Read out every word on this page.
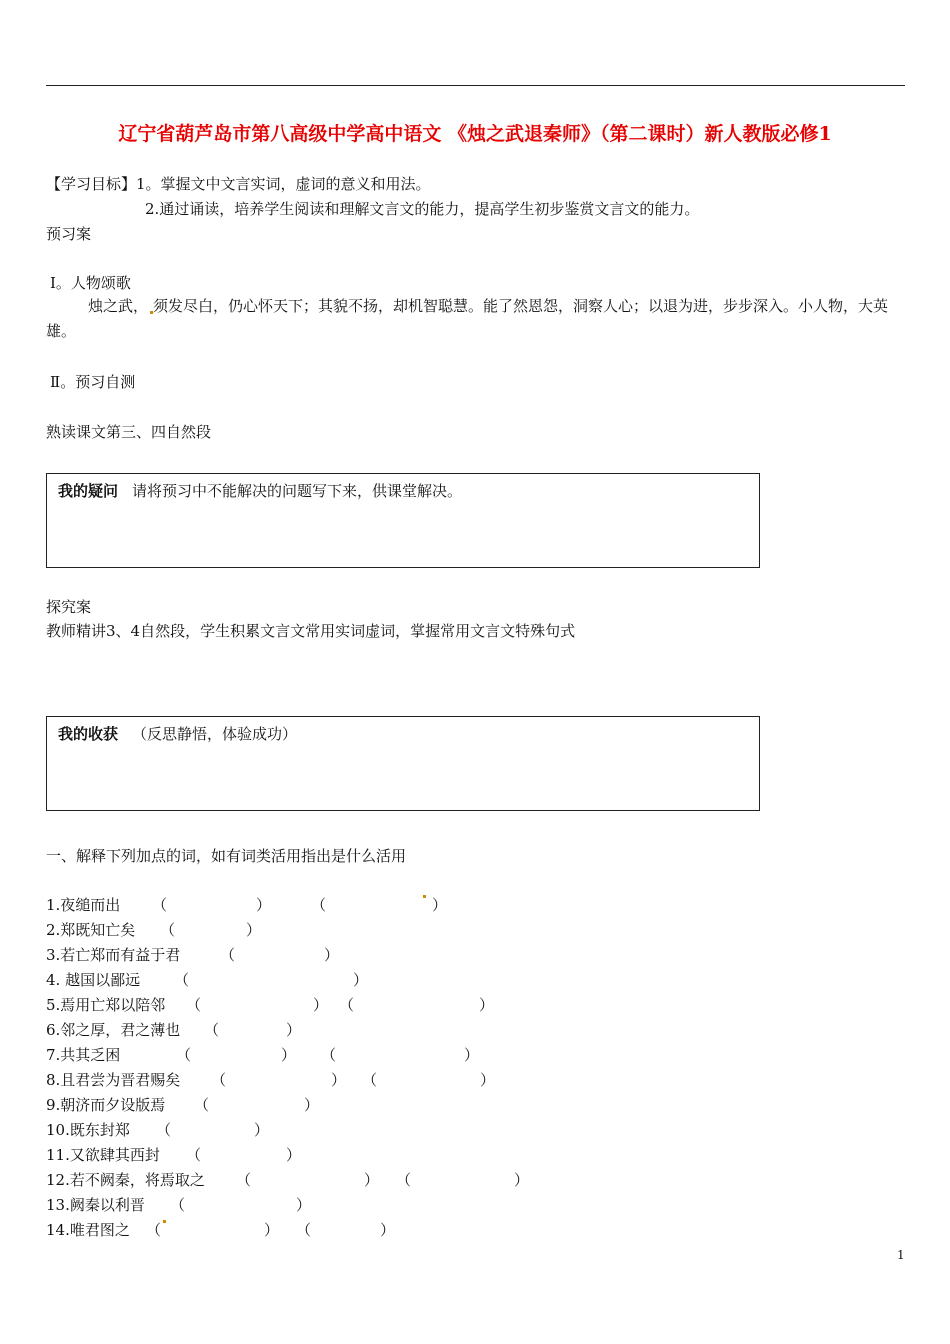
辽宁省葫芦岛市第八高级中学高中语文 《烛之武退秦师》（第二课时）新人教版必修1
【学习目标】1。掌握文中文言实词，虚词的意义和用法。
2.通过诵读，培养学生阅读和理解文言文的能力，提高学生初步鉴赏文言文的能力。
预习案
Ⅰ。人物颂歌
烛之武， 须发尽白，仍心怀天下；其貌不扬，却机智聪慧。能了然恩怨，洞察人心；以退为进，步步深入。小人物，大英雄。
Ⅱ。预习自测
熟读课文第三、四自然段
我的疑问 请将预习中不能解决的问题写下来，供课堂解决。
探究案
教师精讲3、4自然段，学生积累文言文常用实词虚词，掌握常用文言文特殊句式
我的收获 （反思静悟，体验成功）
一、解释下列加点的词，如有词类活用指出是什么活用
1.夜缒而出 （	）	（	）
2.郑既知亡矣 （	）
3.若亡郑而有益于君	（	）
4. 越国以鄙远 （	）
5.焉用亡郑以陪邻 （	） （	）
6.邻之厚，君之薄也 （	）
7.共其乏困	（	） （	）
8.且君尝为晋君赐矣 （	） （	）
9.朝济而夕设版焉 （	）
10.既东封郑 （	）
11.又欲肆其西封 （	）
12.若不阙秦，将焉取之 （	） （	）
13.阙秦以利晋 （	）
14.唯君图之 （	） （	）
1
